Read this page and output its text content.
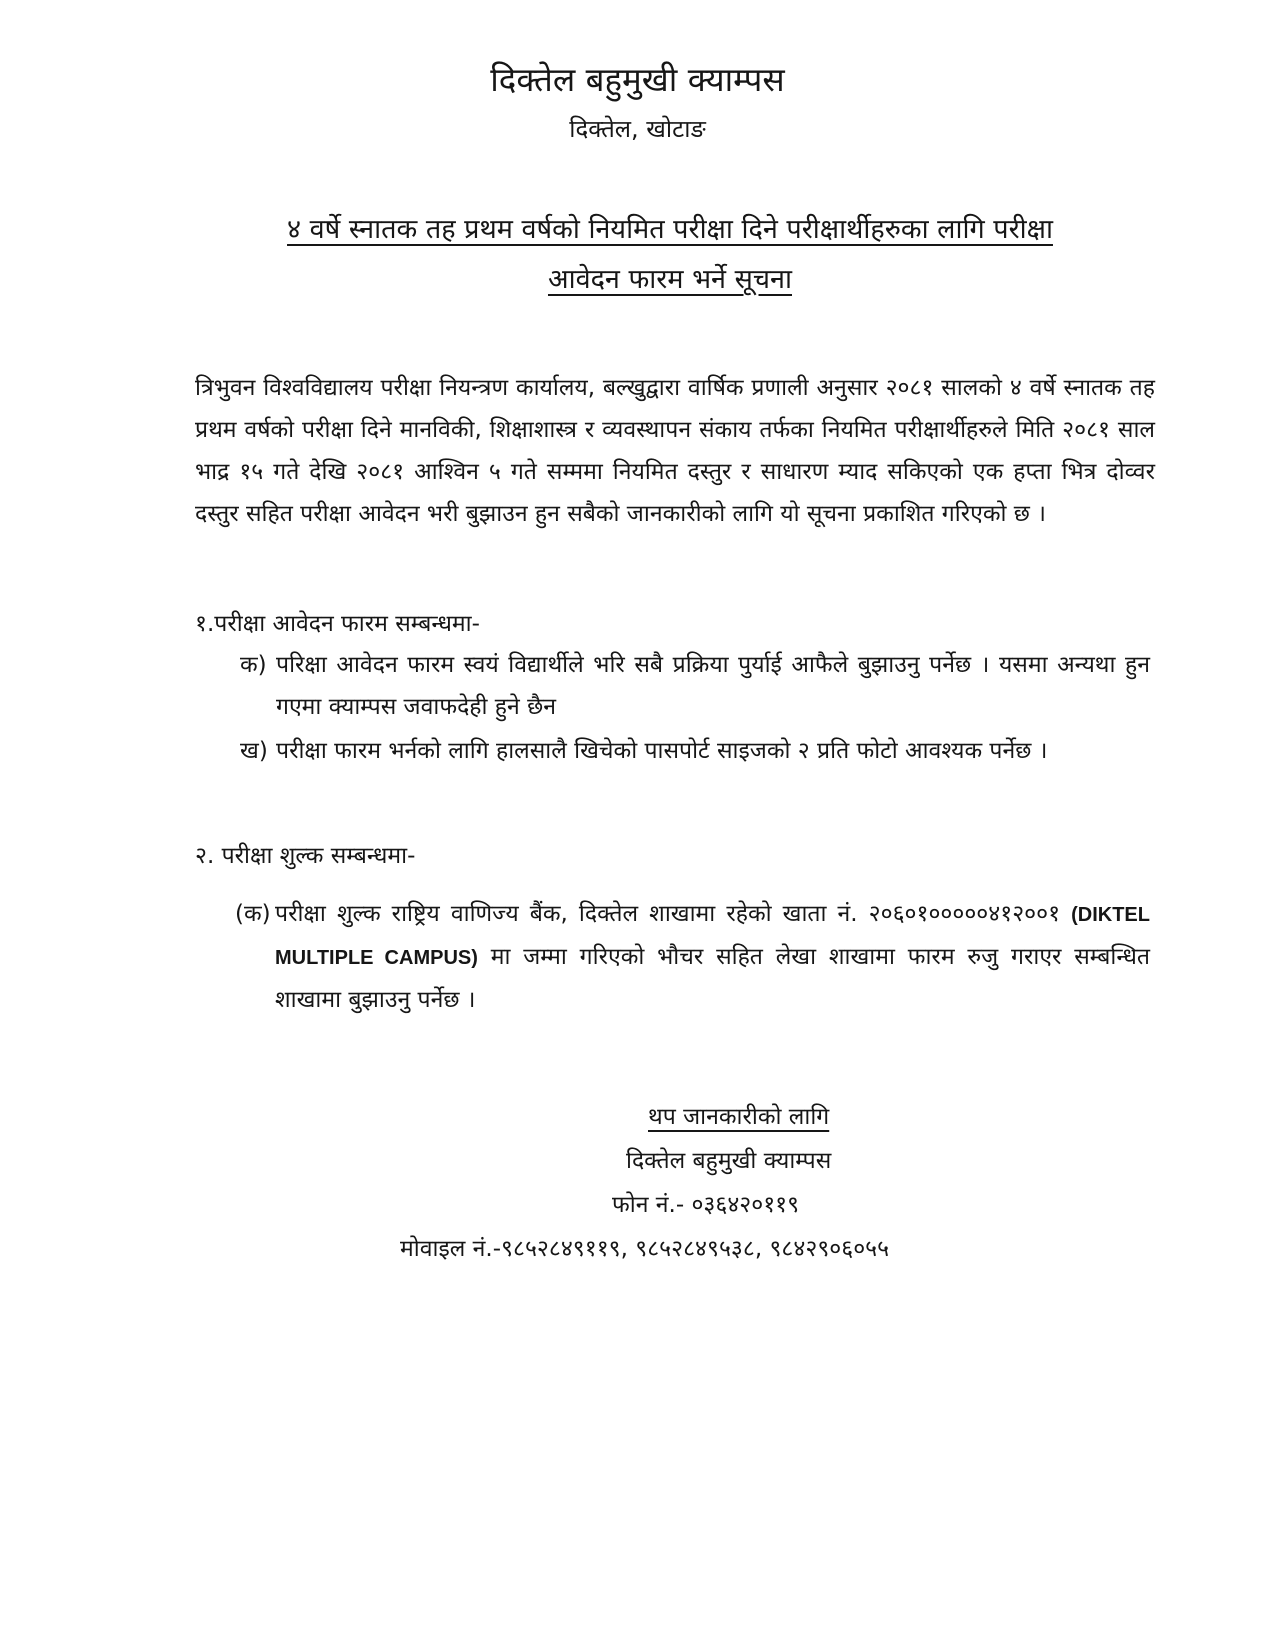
दिक्तेल बहुमुखी क्याम्पस
दिक्तेल, खोटाङ
४ वर्षे स्नातक तह प्रथम वर्षको नियमित परीक्षा दिने परीक्षार्थीहरुका लागि परीक्षा
आवेदन फारम भर्ने सूचना
त्रिभुवन विश्वविद्यालय परीक्षा नियन्त्रण कार्यालय, बल्खुद्वारा वार्षिक प्रणाली अनुसार २०८१ सालको ४ वर्षे स्नातक तह प्रथम वर्षको परीक्षा दिने मानविकी, शिक्षाशास्त्र र व्यवस्थापन संकाय तर्फका नियमित परीक्षार्थीहरुले मिति २०८१ साल भाद्र १५ गते देखि २०८१ आश्विन ५ गते सम्ममा नियमित दस्तुर र साधारण म्याद सकिएको एक हप्ता भित्र दोव्वर दस्तुर सहित परीक्षा आवेदन भरी बुझाउन हुन सबैको जानकारीको लागि यो सूचना प्रकाशित गरिएको छ ।
१.परीक्षा आवेदन फारम सम्बन्धमा-
क) परिक्षा आवेदन फारम स्वयं विद्यार्थीले भरि सबै प्रक्रिया पुर्याई आफैले बुझाउनु पर्नेछ । यसमा अन्यथा हुन गएमा क्याम्पस जवाफदेही हुने छैन
ख) परीक्षा फारम भर्नको लागि हालसालै खिचेको पासपोर्ट साइजको २ प्रति फोटो आवश्यक पर्नेछ ।
२. परीक्षा शुल्क सम्बन्धमा-
(क) परीक्षा शुल्क राष्ट्रिय वाणिज्य बैंक, दिक्तेल शाखामा रहेको खाता नं. २०६०१०००००४१२००१ (DIKTEL MULTIPLE CAMPUS) मा जम्मा गरिएको भौचर सहित लेखा शाखामा फारम रुजु गराएर सम्बन्धित शाखामा बुझाउनु पर्नेछ ।
थप जानकारीको लागि
दिक्तेल बहुमुखी क्याम्पस
फोन नं.- ०३६४२०११९
मोवाइल नं.-९८५२८४९११९, ९८५२८४९५३८, ९८४२९०६०५५
